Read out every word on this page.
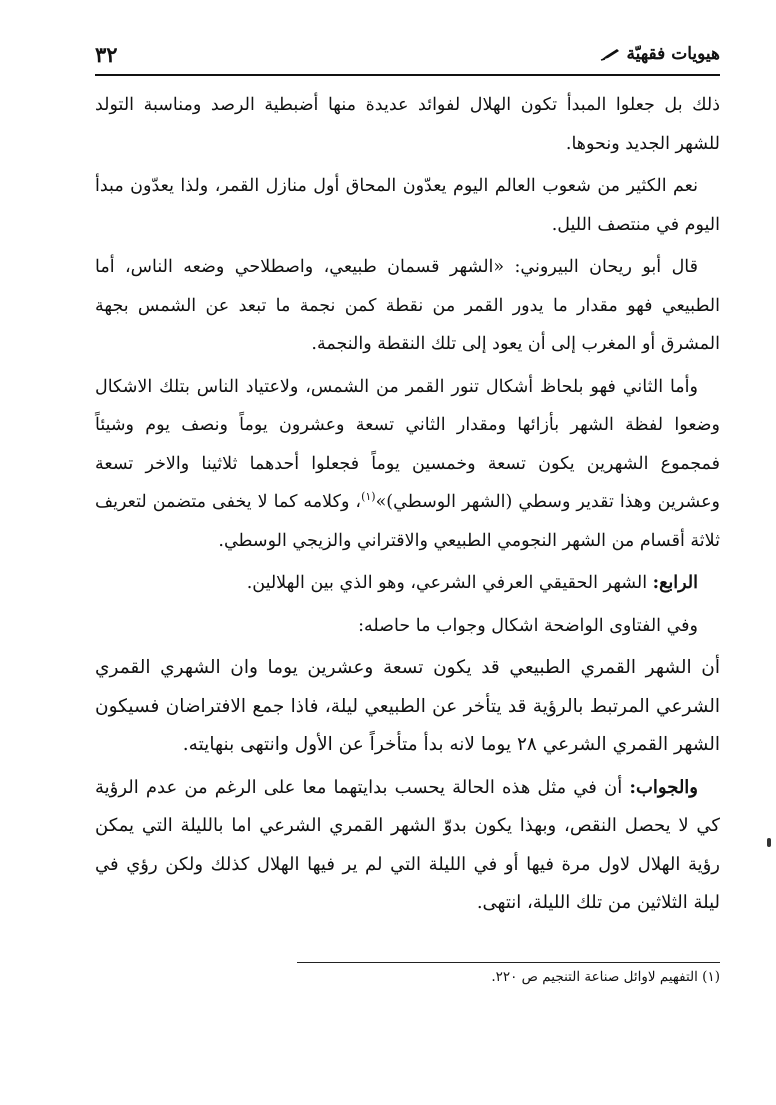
٣٢	هيويات فقهيّة

ذلك بل جعلوا المبدأ تكون الهلال لفوائد عديدة منها أضبطية الرصد ومناسبة التولد للشهر الجديد ونحوها.

نعم الكثير من شعوب العالم اليوم يعدّون المحاق أول منازل القمر، ولذا يعدّون مبدأ اليوم في منتصف الليل.

قال أبو ريحان البيروني: «الشهر قسمان طبيعي، واصطلاحي وضعه الناس، أما الطبيعي فهو مقدار ما يدور القمر من نقطة كمن نجمة ما تبعد عن الشمس بجهة المشرق أو المغرب إلى أن يعود إلى تلك النقطة والنجمة.

وأما الثاني فهو بلحاظ أشكال تنور القمر من الشمس، ولاعتياد الناس بتلك الاشكال وضعوا لفظة الشهر بأزائها ومقدار الثاني تسعة وعشرون يوماً ونصف يوم وشيئاً فمجموع الشهرين يكون تسعة وخمسين يوماً فجعلوا أحدهما ثلاثينا والاخر تسعة وعشرين وهذا تقدير وسطي (الشهر الوسطي)»$^{(١)}$، وكلامه كما لا يخفى متضمن لتعريف ثلاثة أقسام من الشهر النجومي الطبيعي والاقتراني والزيجي الوسطي.

الرابع: الشهر الحقيقي العرفي الشرعي، وهو الذي بين الهلالين.

وفي الفتاوى الواضحة اشكال وجواب ما حاصله:

أن الشهر القمري الطبيعي قد يكون تسعة وعشرين يوما وان الشهري القمري الشرعي المرتبط بالرؤية قد يتأخر عن الطبيعي ليلة، فاذا جمع الافتراضان فسيكون الشهر القمري الشرعي ٢٨ يوما لانه بدأ متأخراً عن الأول وانتهى بنهايته.

والجواب: أن في مثل هذه الحالة يحسب بدايتهما معا على الرغم من عدم الرؤية كي لا يحصل النقص، وبهذا يكون بدوّ الشهر القمري الشرعي اما بالليلة التي يمكن رؤية الهلال لاول مرة فيها أو في الليلة التي لم ير فيها الهلال كذلك ولكن رؤي في ليلة الثلاثين من تلك الليلة، انتهى.

(١) التفهيم لاوائل صناعة التنجيم ص ٢٢٠.
